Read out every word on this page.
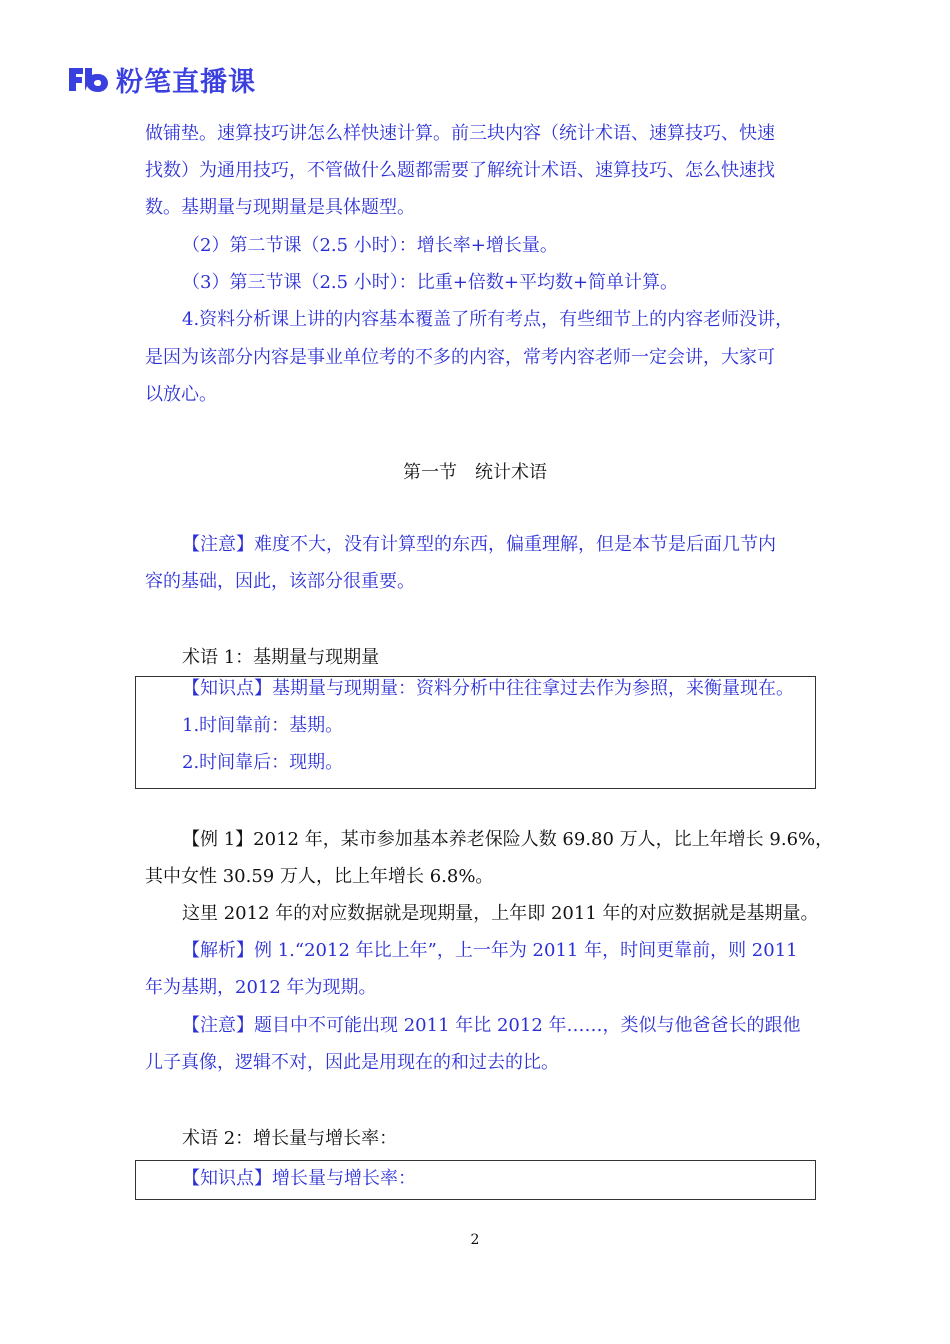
粉笔直播课

做铺垫。速算技巧讲怎么样快速计算。前三块内容（统计术语、速算技巧、快速

找数）为通用技巧，不管做什么题都需要了解统计术语、速算技巧、怎么快速找

数。基期量与现期量是具体题型。

（2）第二节课（2.5 小时）：增长率+增长量。

（3）第三节课（2.5 小时）：比重+倍数+平均数+简单计算。

4.资料分析课上讲的内容基本覆盖了所有考点，有些细节上的内容老师没讲，

是因为该部分内容是事业单位考的不多的内容，常考内容老师一定会讲，大家可

以放心。

第一节　统计术语

【注意】难度不大，没有计算型的东西，偏重理解，但是本节是后面几节内

容的基础，因此，该部分很重要。

术语 1：基期量与现期量

【知识点】基期量与现期量：资料分析中往往拿过去作为参照，来衡量现在。

1.时间靠前：基期。

2.时间靠后：现期。

【例 1】2012 年，某市参加基本养老保险人数 69.80 万人，比上年增长 9.6%，

其中女性 30.59 万人，比上年增长 6.8%。

这里 2012 年的对应数据就是现期量，上年即 2011 年的对应数据就是基期量。

【解析】例 1.“2012 年比上年”，上一年为 2011 年，时间更靠前，则 2011

年为基期，2012 年为现期。

【注意】题目中不可能出现 2011 年比 2012 年……，类似与他爸爸长的跟他

儿子真像，逻辑不对，因此是用现在的和过去的比。

术语 2：增长量与增长率：

【知识点】增长量与增长率：

2
